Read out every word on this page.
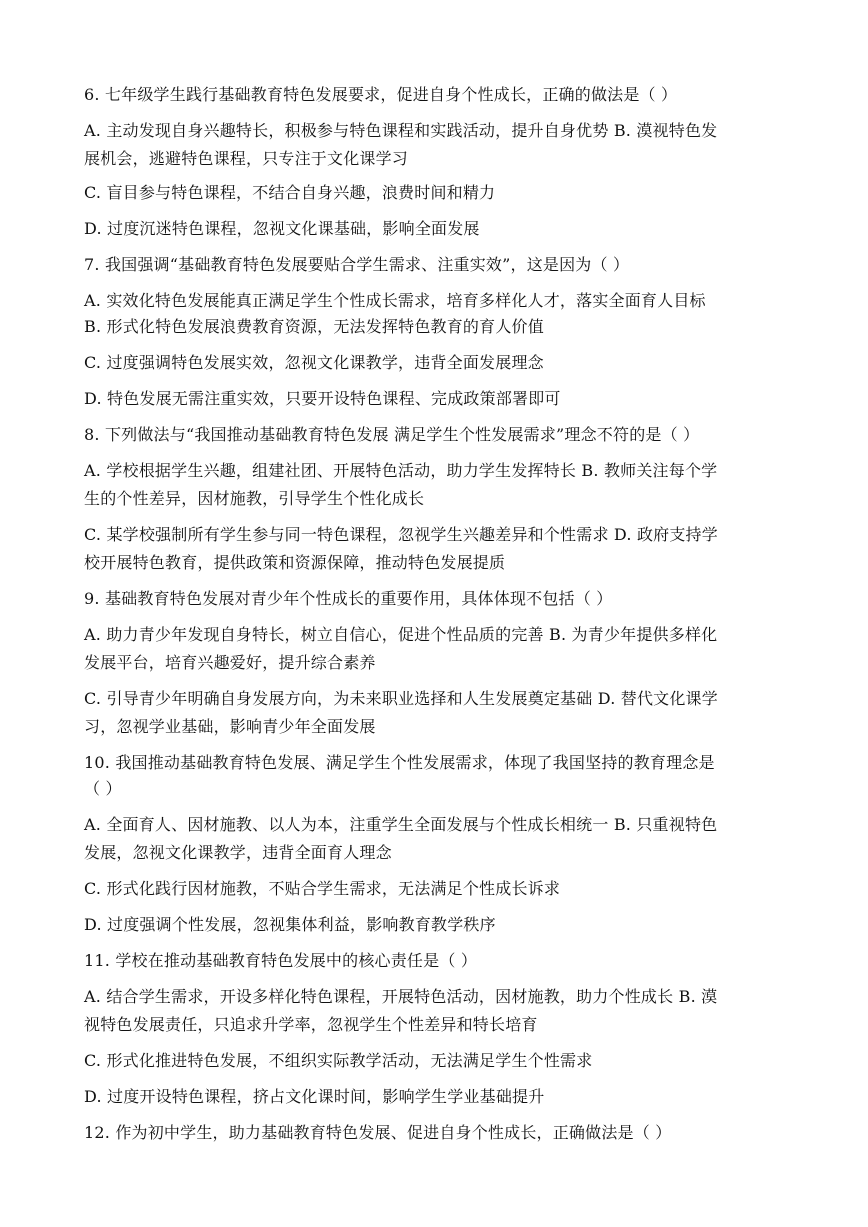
6. 七年级学生践行基础教育特色发展要求，促进自身个性成长，正确的做法是（ ）

A. 主动发现自身兴趣特长，积极参与特色课程和实践活动，提升自身优势 B. 漠视特色发

展机会，逃避特色课程，只专注于文化课学习

C. 盲目参与特色课程，不结合自身兴趣，浪费时间和精力

D. 过度沉迷特色课程，忽视文化课基础，影响全面发展

7. 我国强调“基础教育特色发展要贴合学生需求、注重实效”，这是因为（ ）

A. 实效化特色发展能真正满足学生个性成长需求，培育多样化人才，落实全面育人目标

B. 形式化特色发展浪费教育资源，无法发挥特色教育的育人价值

C. 过度强调特色发展实效，忽视文化课教学，违背全面发展理念

D. 特色发展无需注重实效，只要开设特色课程、完成政策部署即可

8. 下列做法与“我国推动基础教育特色发展 满足学生个性发展需求”理念不符的是（ ）

A. 学校根据学生兴趣，组建社团、开展特色活动，助力学生发挥特长 B. 教师关注每个学

生的个性差异，因材施教，引导学生个性化成长

C. 某学校强制所有学生参与同一特色课程，忽视学生兴趣差异和个性需求 D. 政府支持学

校开展特色教育，提供政策和资源保障，推动特色发展提质

9. 基础教育特色发展对青少年个性成长的重要作用，具体体现不包括（ ）

A. 助力青少年发现自身特长，树立自信心，促进个性品质的完善 B. 为青少年提供多样化

发展平台，培育兴趣爱好，提升综合素养

C. 引导青少年明确自身发展方向，为未来职业选择和人生发展奠定基础 D. 替代文化课学

习，忽视学业基础，影响青少年全面发展

10. 我国推动基础教育特色发展、满足学生个性发展需求，体现了我国坚持的教育理念是

（ ）

A. 全面育人、因材施教、以人为本，注重学生全面发展与个性成长相统一 B. 只重视特色

发展，忽视文化课教学，违背全面育人理念

C. 形式化践行因材施教，不贴合学生需求，无法满足个性成长诉求

D. 过度强调个性发展，忽视集体利益，影响教育教学秩序

11. 学校在推动基础教育特色发展中的核心责任是（ ）

A. 结合学生需求，开设多样化特色课程，开展特色活动，因材施教，助力个性成长 B. 漠

视特色发展责任，只追求升学率，忽视学生个性差异和特长培育

C. 形式化推进特色发展，不组织实际教学活动，无法满足学生个性需求

D. 过度开设特色课程，挤占文化课时间，影响学生学业基础提升

12. 作为初中学生，助力基础教育特色发展、促进自身个性成长，正确做法是（ ）
